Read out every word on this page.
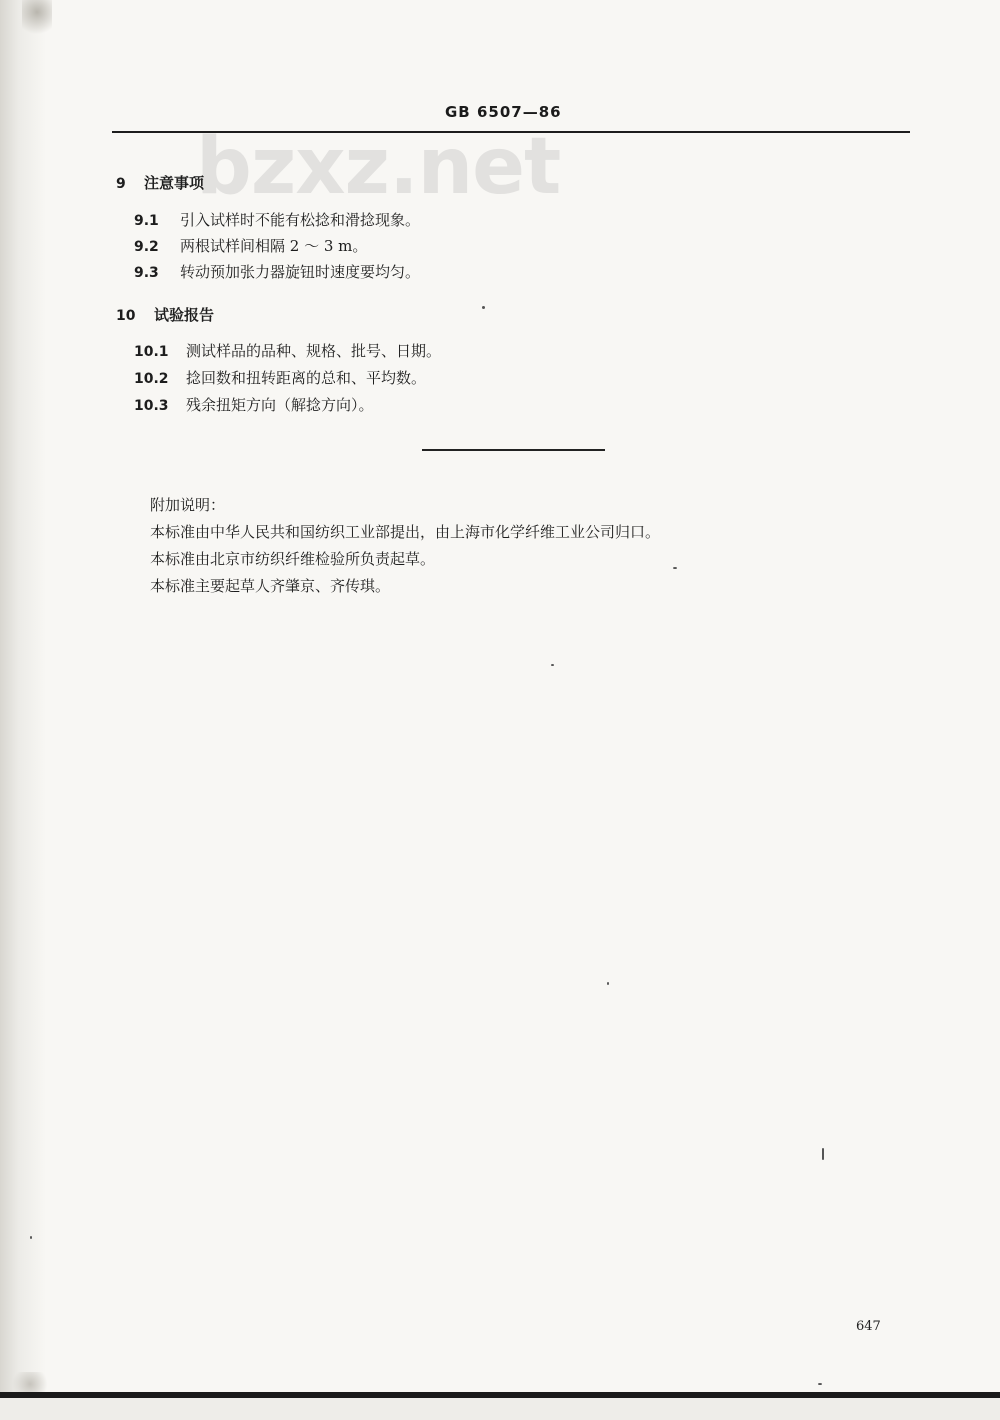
GB 6507—86
bzxz.net
9 注意事项
9.1 引入试样时不能有松捻和滑捻现象。
9.2 两根试样间相隔 2 ～ 3 m。
9.3 转动预加张力器旋钮时速度要均匀。
10 试验报告
10.1 测试样品的品种、规格、批号、日期。
10.2 捻回数和扭转距离的总和、平均数。
10.3 残余扭矩方向（解捻方向）。
附加说明：
本标准由中华人民共和国纺织工业部提出，由上海市化学纤维工业公司归口。
本标准由北京市纺织纤维检验所负责起草。
本标准主要起草人齐肇京、齐传琪。
647
